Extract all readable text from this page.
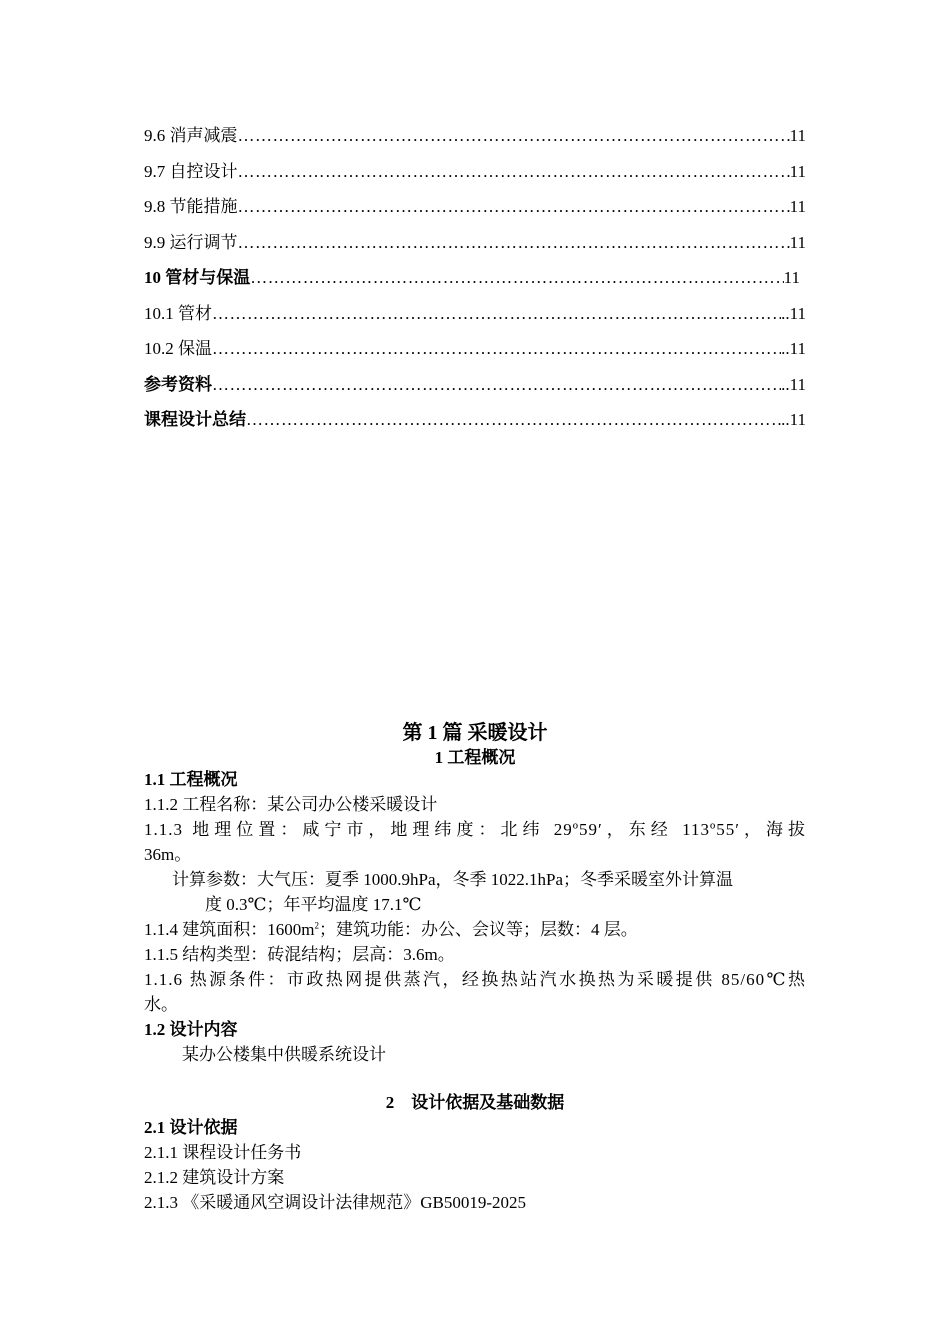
9.6 消声减震 …………………………………………………………………………………………………………………………………………………………………	11
9.7 自控设计 …………………………………………………………………………………………………………………………………………………………………	11
9.8 节能措施 …………………………………………………………………………………………………………………………………………………………………	11
9.9 运行调节 …………………………………………………………………………………………………………………………………………………………………	11
10 管材与保温 …………………………………………………………………………………………………………………………………………………………………	11
10.1 管材 …………………………………………………………………………………………………………………………………………………………………	.. 11
10.2 保温 …………………………………………………………………………………………………………………………………………………………………	.. 11
参考资料 …………………………………………………………………………………………………………………………………………………………………	.. 11
课程设计总结 …………………………………………………………………………………………………………………………………………………………………	.. 11
第 1 篇 采暖设计
1 工程概况
1.1 工程概况
1.1.2 工程名称：某公司办公楼采暖设计
1.1.3 地理位置：咸宁市，地理纬度：北纬 29º59′，东经 113º55′，海拔
36m。
计算参数：大气压：夏季 1000.9hPa，冬季 1022.1hPa；冬季采暖室外计算温
度 0.3℃；年平均温度 17.1℃
1.1.4 建筑面积：$1600m^2$；建筑功能：办公、会议等；层数：4 层。
1.1.5 结构类型：砖混结构；层高：3.6m。
1.1.6 热源条件：市政热网提供蒸汽，经换热站汽水换热为采暖提供 85/60℃热
水。
1.2 设计内容
某办公楼集中供暖系统设计
2　设计依据及基础数据
2.1 设计依据
2.1.1 课程设计任务书
2.1.2 建筑设计方案
2.1.3 《采暖通风空调设计法律规范》GB50019-2025
